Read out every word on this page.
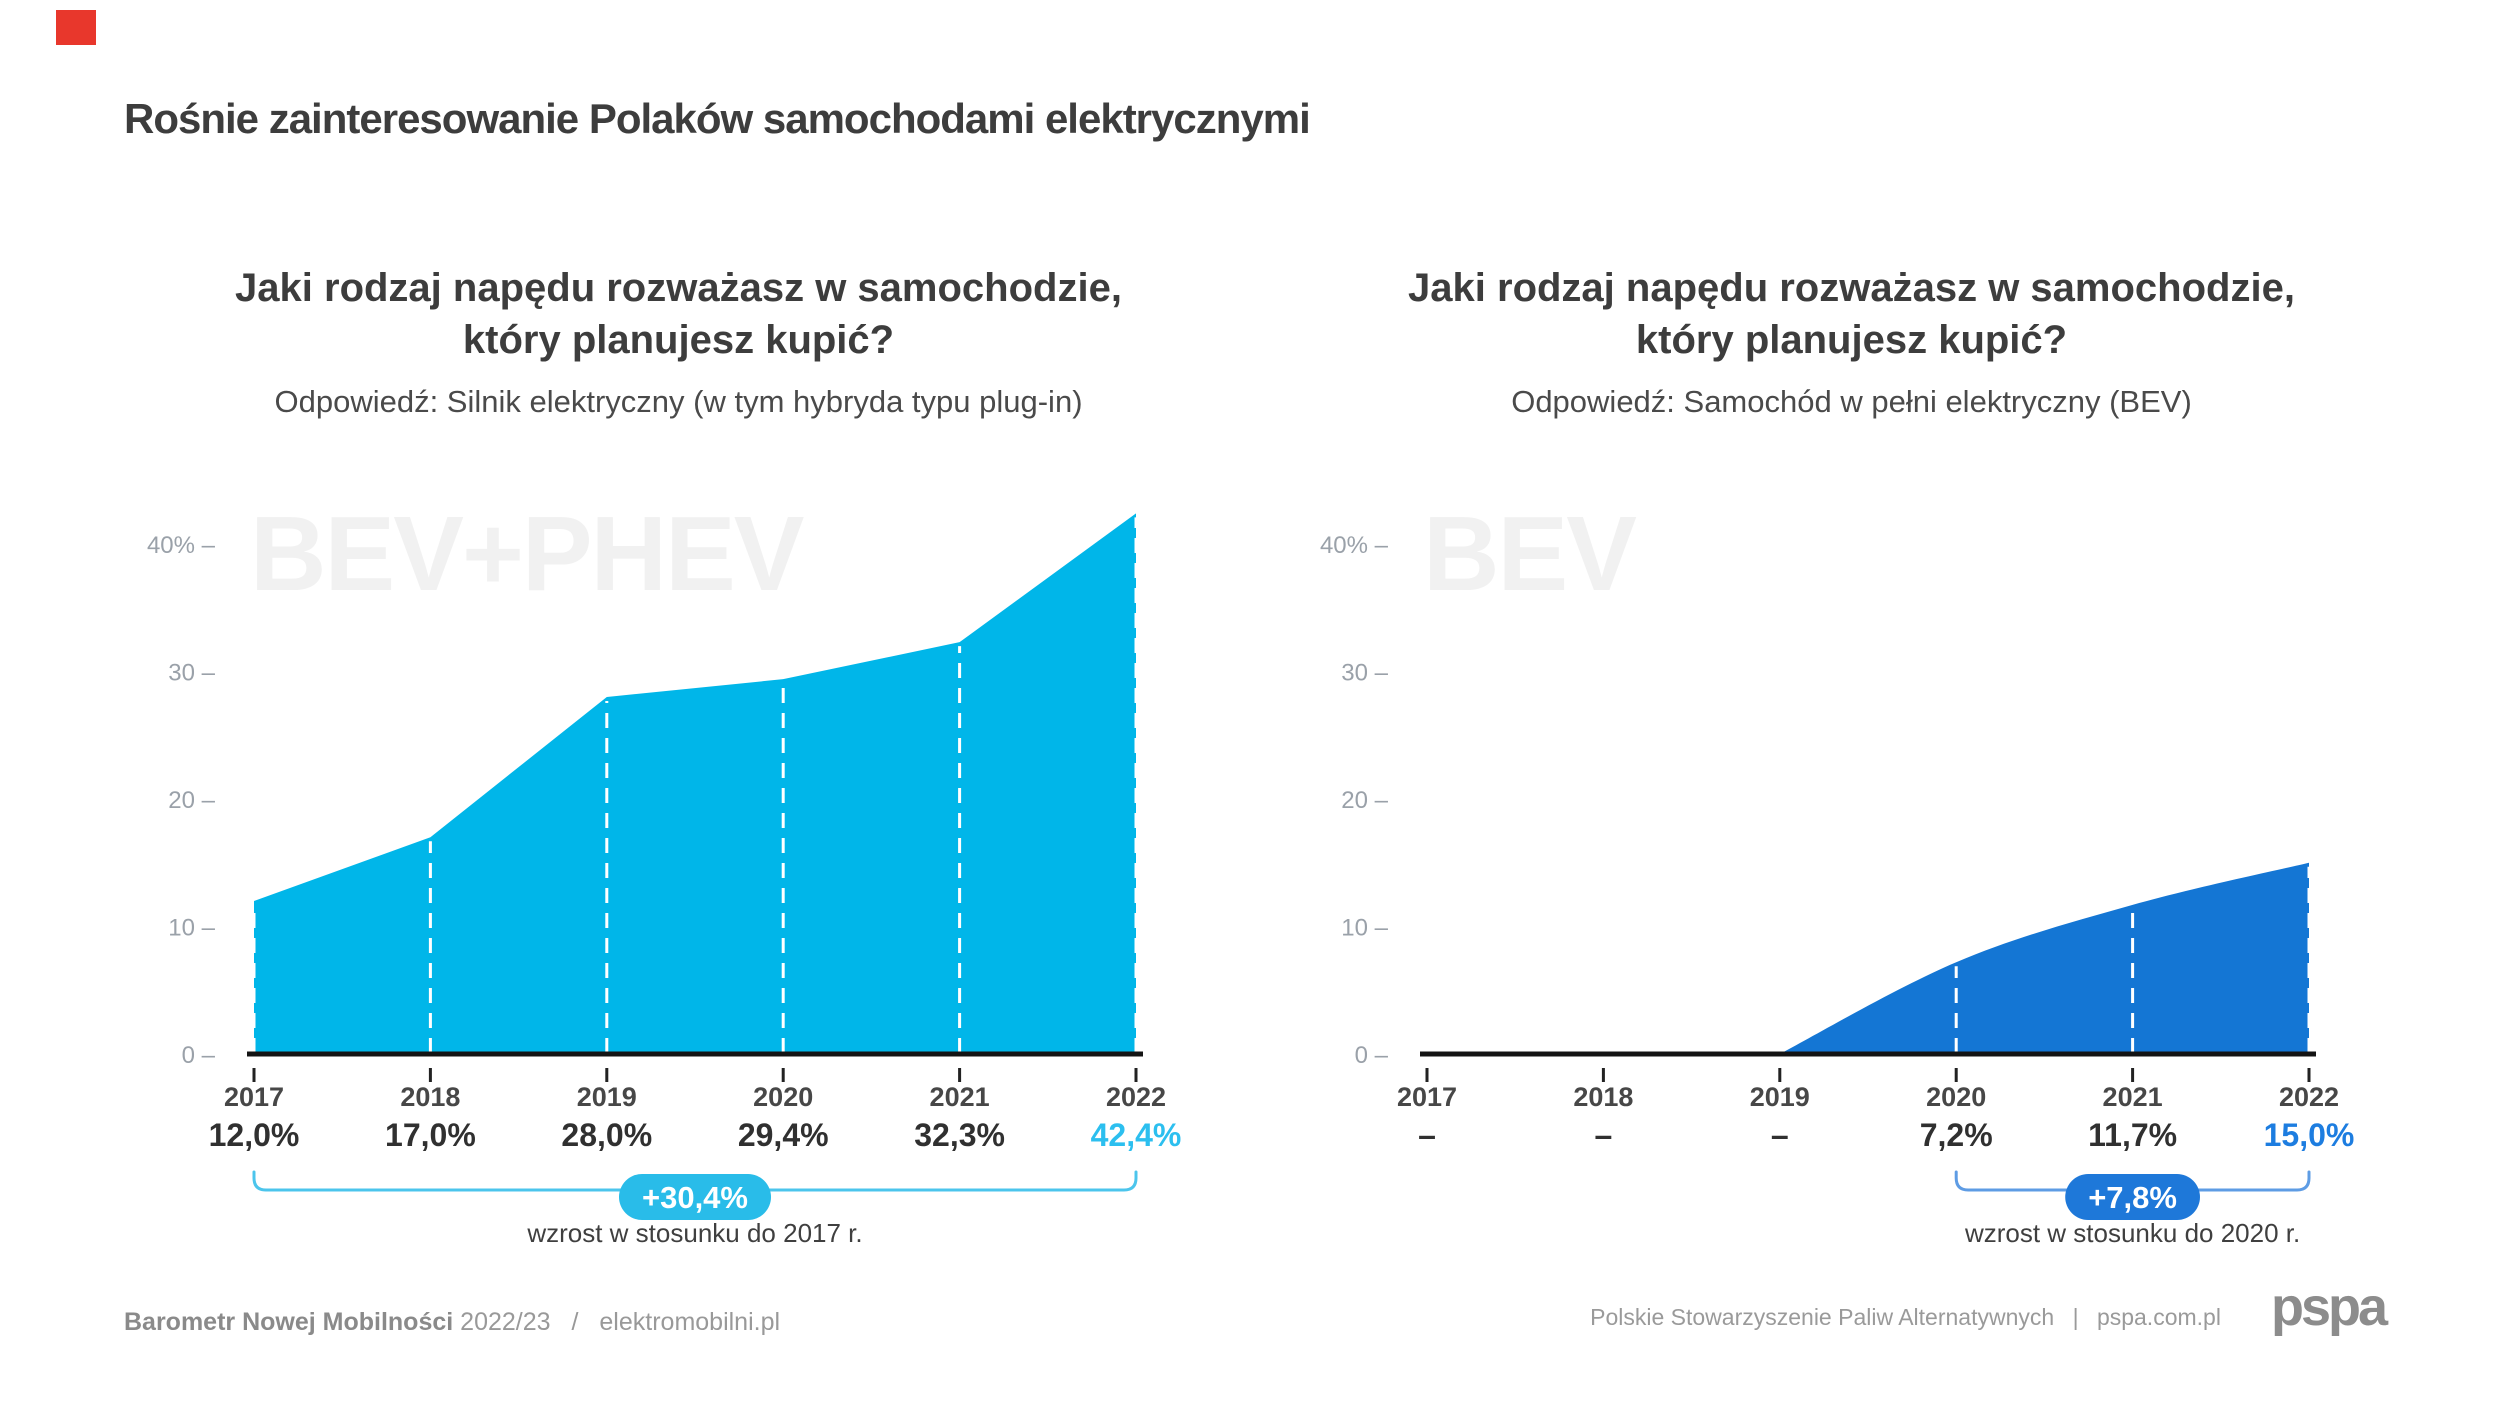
Rośnie zainteresowanie Polaków samochodami elektrycznymi
Jaki rodzaj napędu rozważasz w samochodzie,
który planujesz kupić?
Odpowiedź: Silnik elektryczny (w tym hybryda typu plug-in)
Jaki rodzaj napędu rozważasz w samochodzie,
który planujesz kupić?
Odpowiedź: Samochód w pełni elektryczny (BEV)
BEV+PHEV
0 –
10 –
20 –
30 –
40% –
2017
12,0%
2018
17,0%
2019
28,0%
2020
29,4%
2021
32,3%
2022
42,4%
+30,4%
wzrost w stosunku do 2017 r.
BEV
0 –
10 –
20 –
30 –
40% –
2017
–
2018
–
2019
–
2020
7,2%
2021
11,7%
2022
15,0%
+7,8%
wzrost w stosunku do 2020 r.
Barometr Nowej Mobilności 2022/23 / elektromobilni.pl	Polskie Stowarzyszenie Paliw Alternatywnych | pspa.com.pl pspa
